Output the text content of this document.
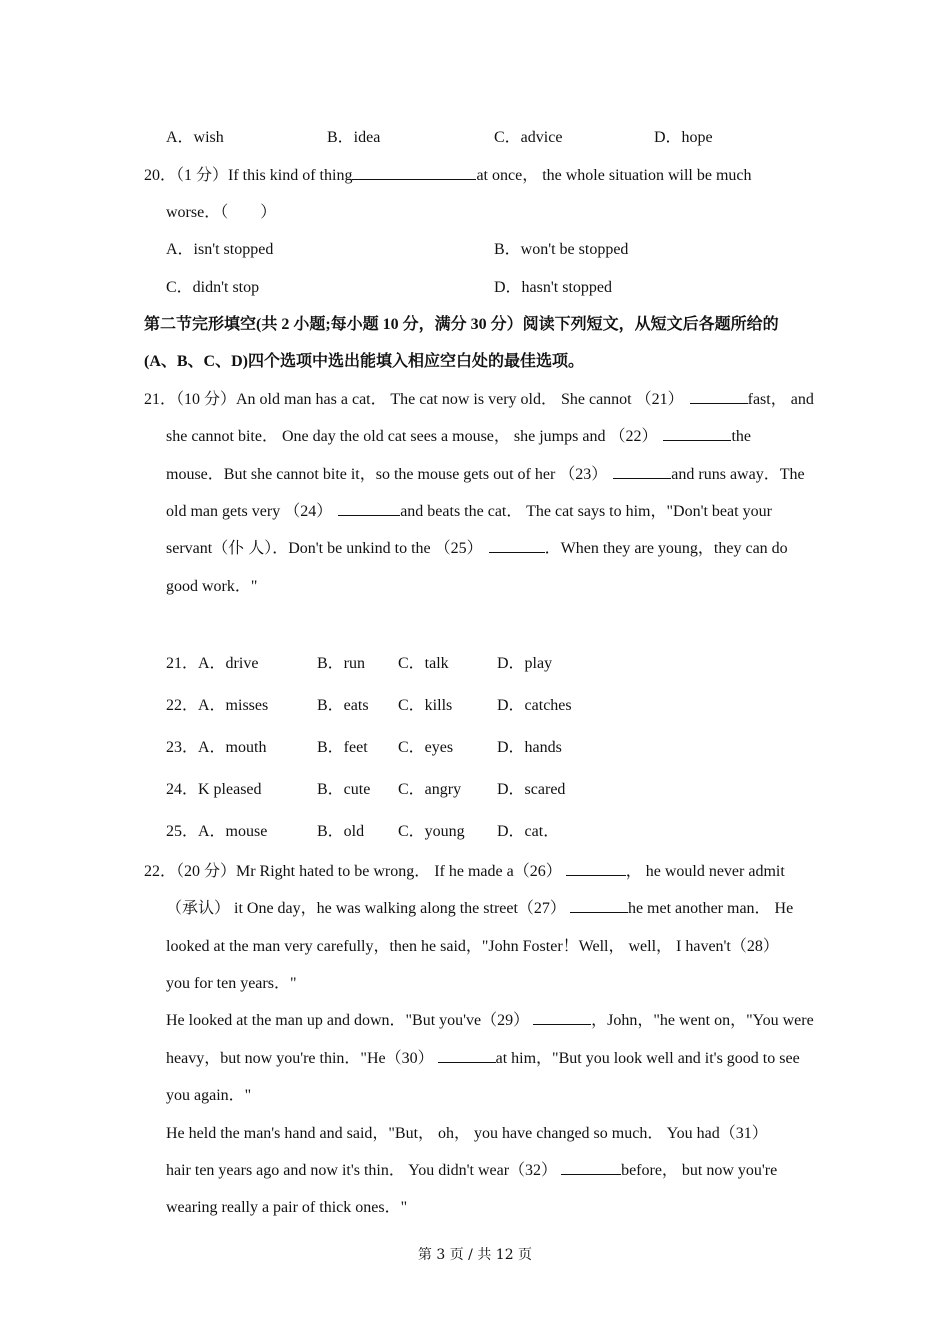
A．wish	B．idea	C．advice	D．hope
20．（1 分）If this kind of thing	at once， the whole situation will be much
worse．（　　）
A．isn't stopped	B．won't be stopped
C．didn't stop	D．hasn't stopped
第二节完形填空(共 2 小题;每小题 10 分，满分 30 分）阅读下列短文，从短文后各题所给的
(A、B、C、D)四个选项中选出能填入相应空白处的最佳选项。
21．（10 分）An old man has a cat． The cat now is very old． She cannot （21）	fast， and
she cannot bite． One day the old cat sees a mouse， she jumps and （22）	the
mouse．But she cannot bite it，so the mouse gets out of her （23）	and runs away．The
old man gets very （24）	and beats the cat． The cat says to him，"Don't beat your
servant（仆 人）．Don't be unkind to the （25）	．When they are young，they can do
good work．"
21．A．drive	B．run C．talk	D．play
22．A．misses	B．eats C．kills	D．catches
23．A．mouth	B．feet C．eyes	D．hands
24．K pleased	B．cute C．angry D．scared
25．A．mouse	B．old C．young D．cat．
22．（20 分）Mr Right hated to be wrong． If he made a（26）	， he would never admit
（承认） it One day，he was walking along the street（27）	he met another man． He
looked at the man very carefully，then he said，"John Foster！Well， well， I haven't（28）
you for ten years．"
He looked at the man up and down．"But you've（29）	，John，"he went on，"You were
heavy，but now you're thin．"He（30）	at him，"But you look well and it's good to see
you again．"
He held the man's hand and said，"But， oh， you have changed so much． You had（31）
hair ten years ago and now it's thin． You didn't wear（32）	before， but now you're
wearing really a pair of thick ones．"
第 3 页 / 共 12 页
